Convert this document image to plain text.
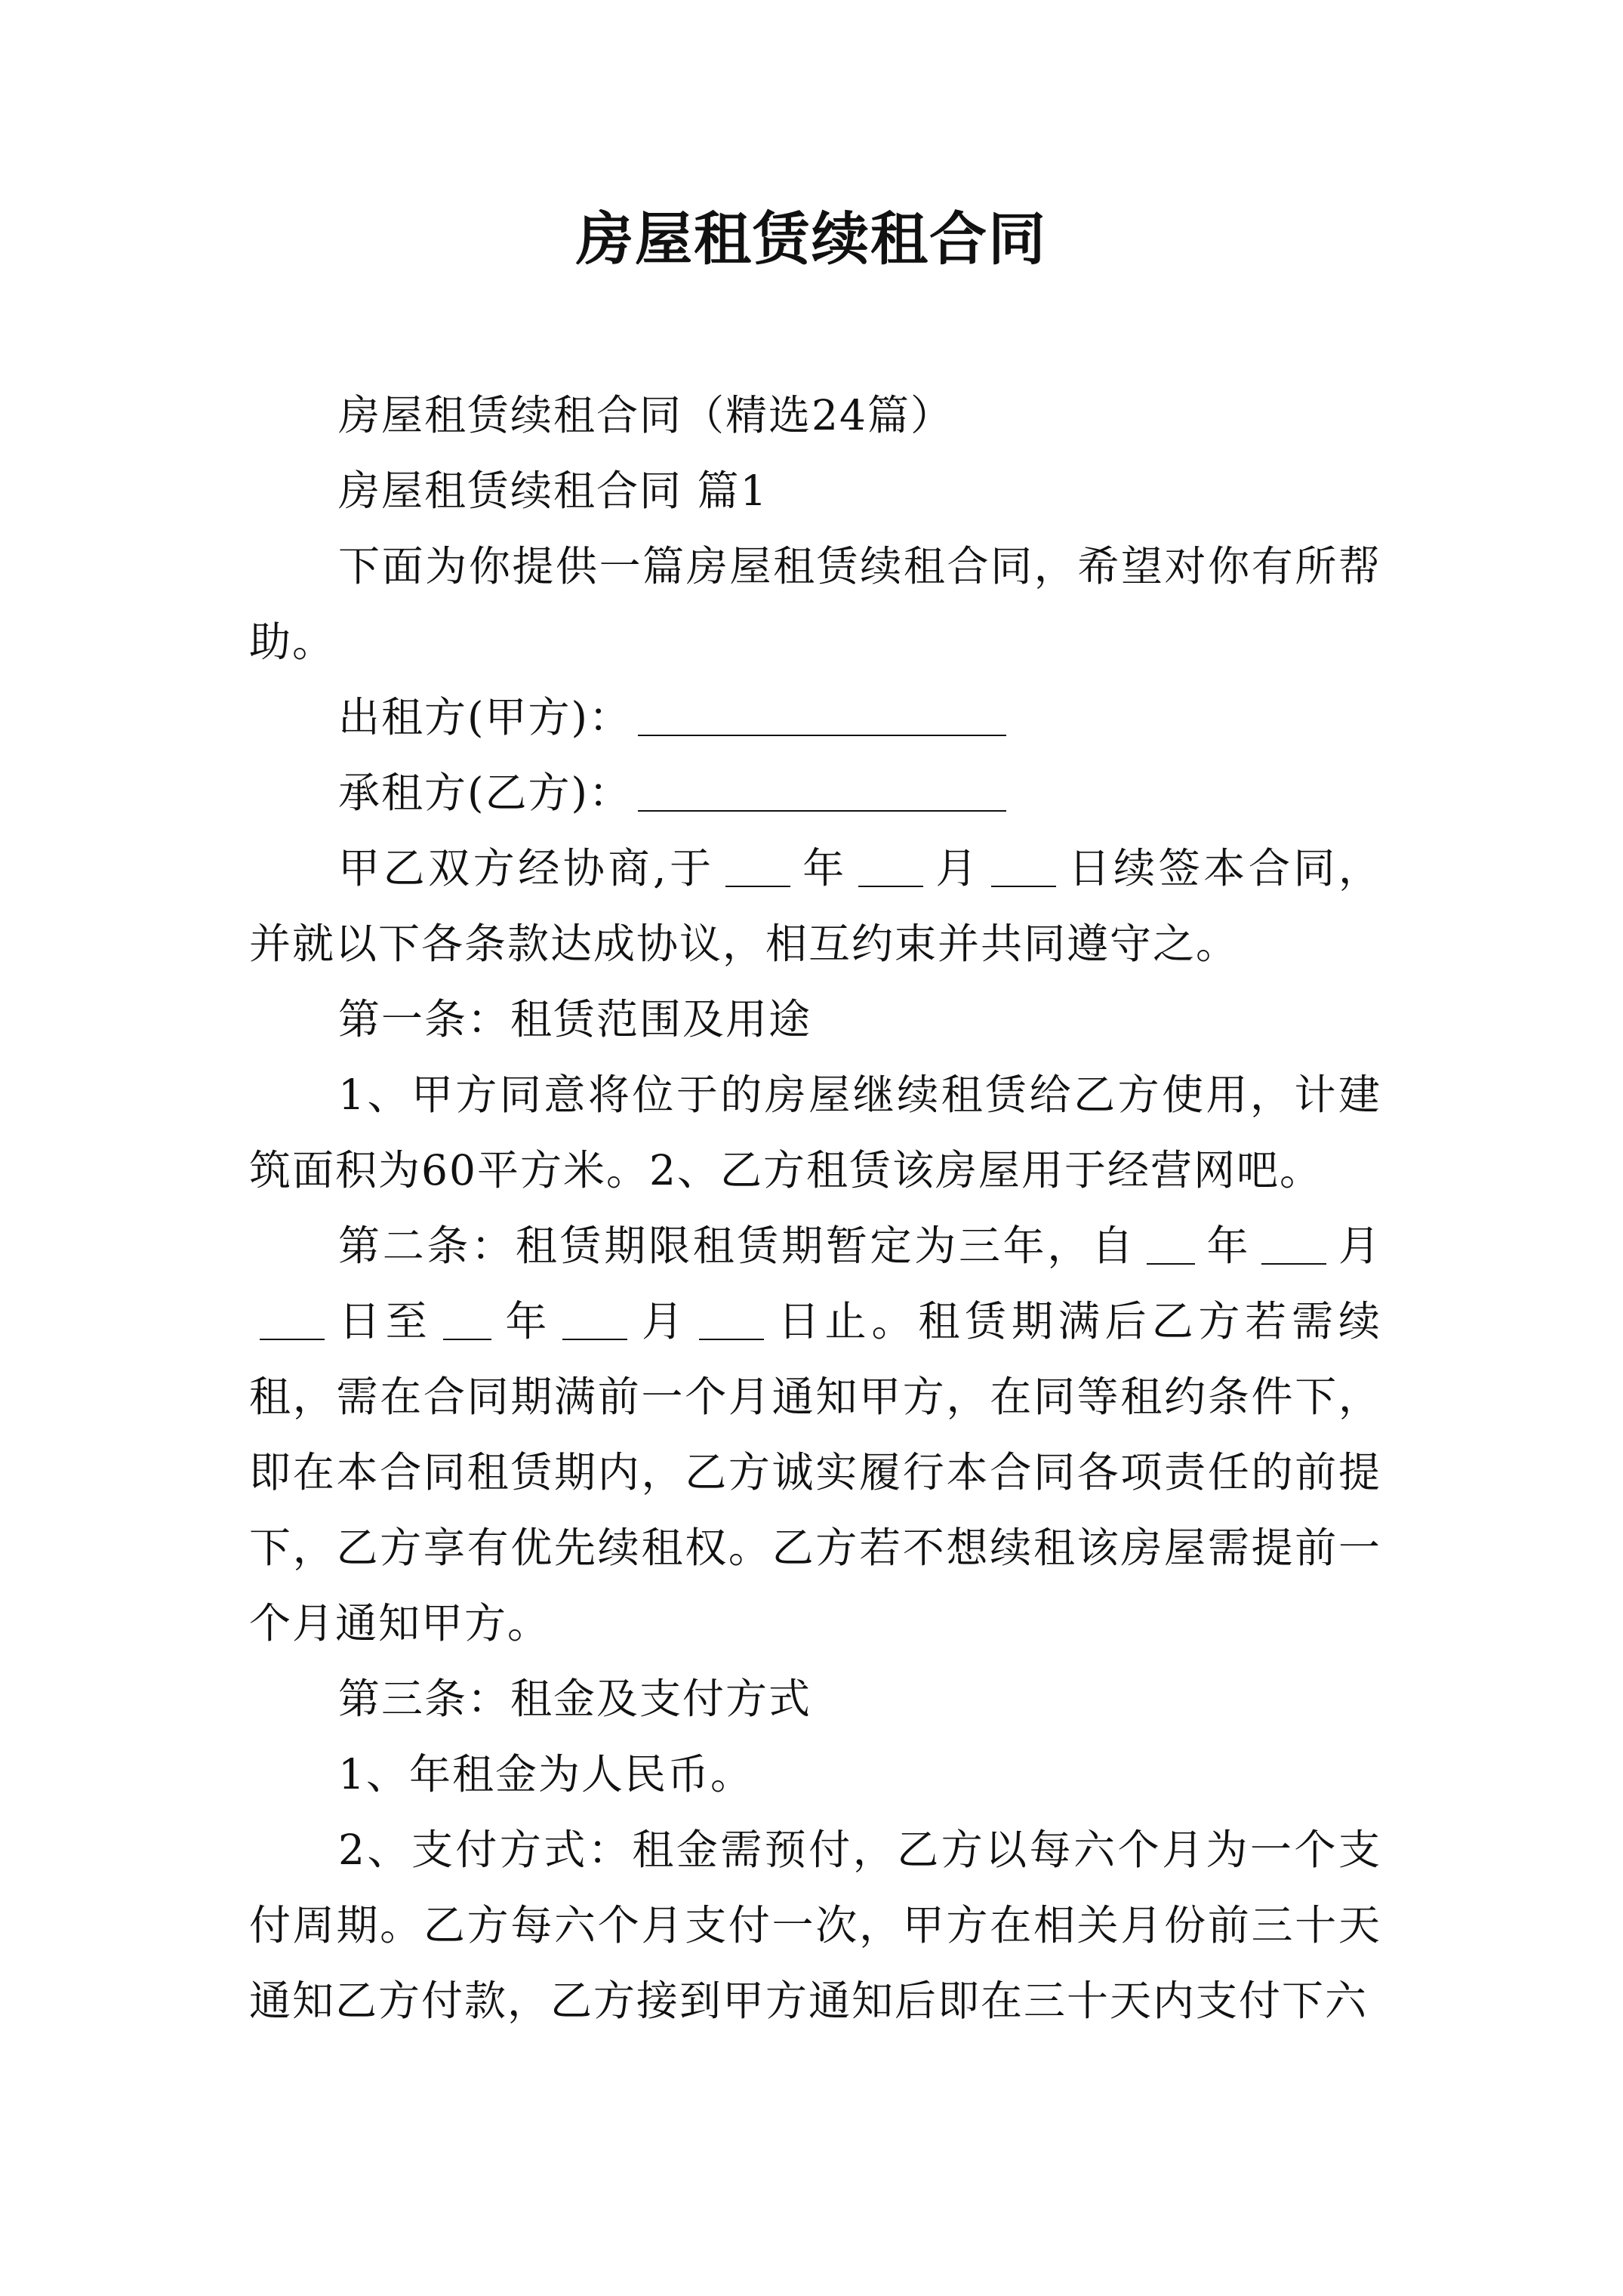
房屋租赁续租合同

房屋租赁续租合同（精选24篇）

房屋租赁续租合同 篇1

下面为你提供一篇房屋租赁续租合同，希望对你有所帮助。

出租方(甲方)：

承租方(乙方)：

甲乙双方经协商,于 年 月 日续签本合同，并就以下各条款达成协议，相互约束并共同遵守之。

第一条：租赁范围及用途

1、甲方同意将位于的房屋继续租赁给乙方使用，计建筑面积为60平方米。2、乙方租赁该房屋用于经营网吧。

第二条：租赁期限租赁期暂定为三年，自 年 月日至 年 月 日止。租赁期满后乙方若需续租，需在合同期满前一个月通知甲方，在同等租约条件下，即在本合同租赁期内，乙方诚实履行本合同各项责任的前提下，乙方享有优先续租权。乙方若不想续租该房屋需提前一个月通知甲方。

第三条：租金及支付方式

1、年租金为人民币。

2、支付方式：租金需预付，乙方以每六个月为一个支付周期。乙方每六个月支付一次，甲方在相关月份前三十天通知乙方付款，乙方接到甲方通知后即在三十天内支付下六
